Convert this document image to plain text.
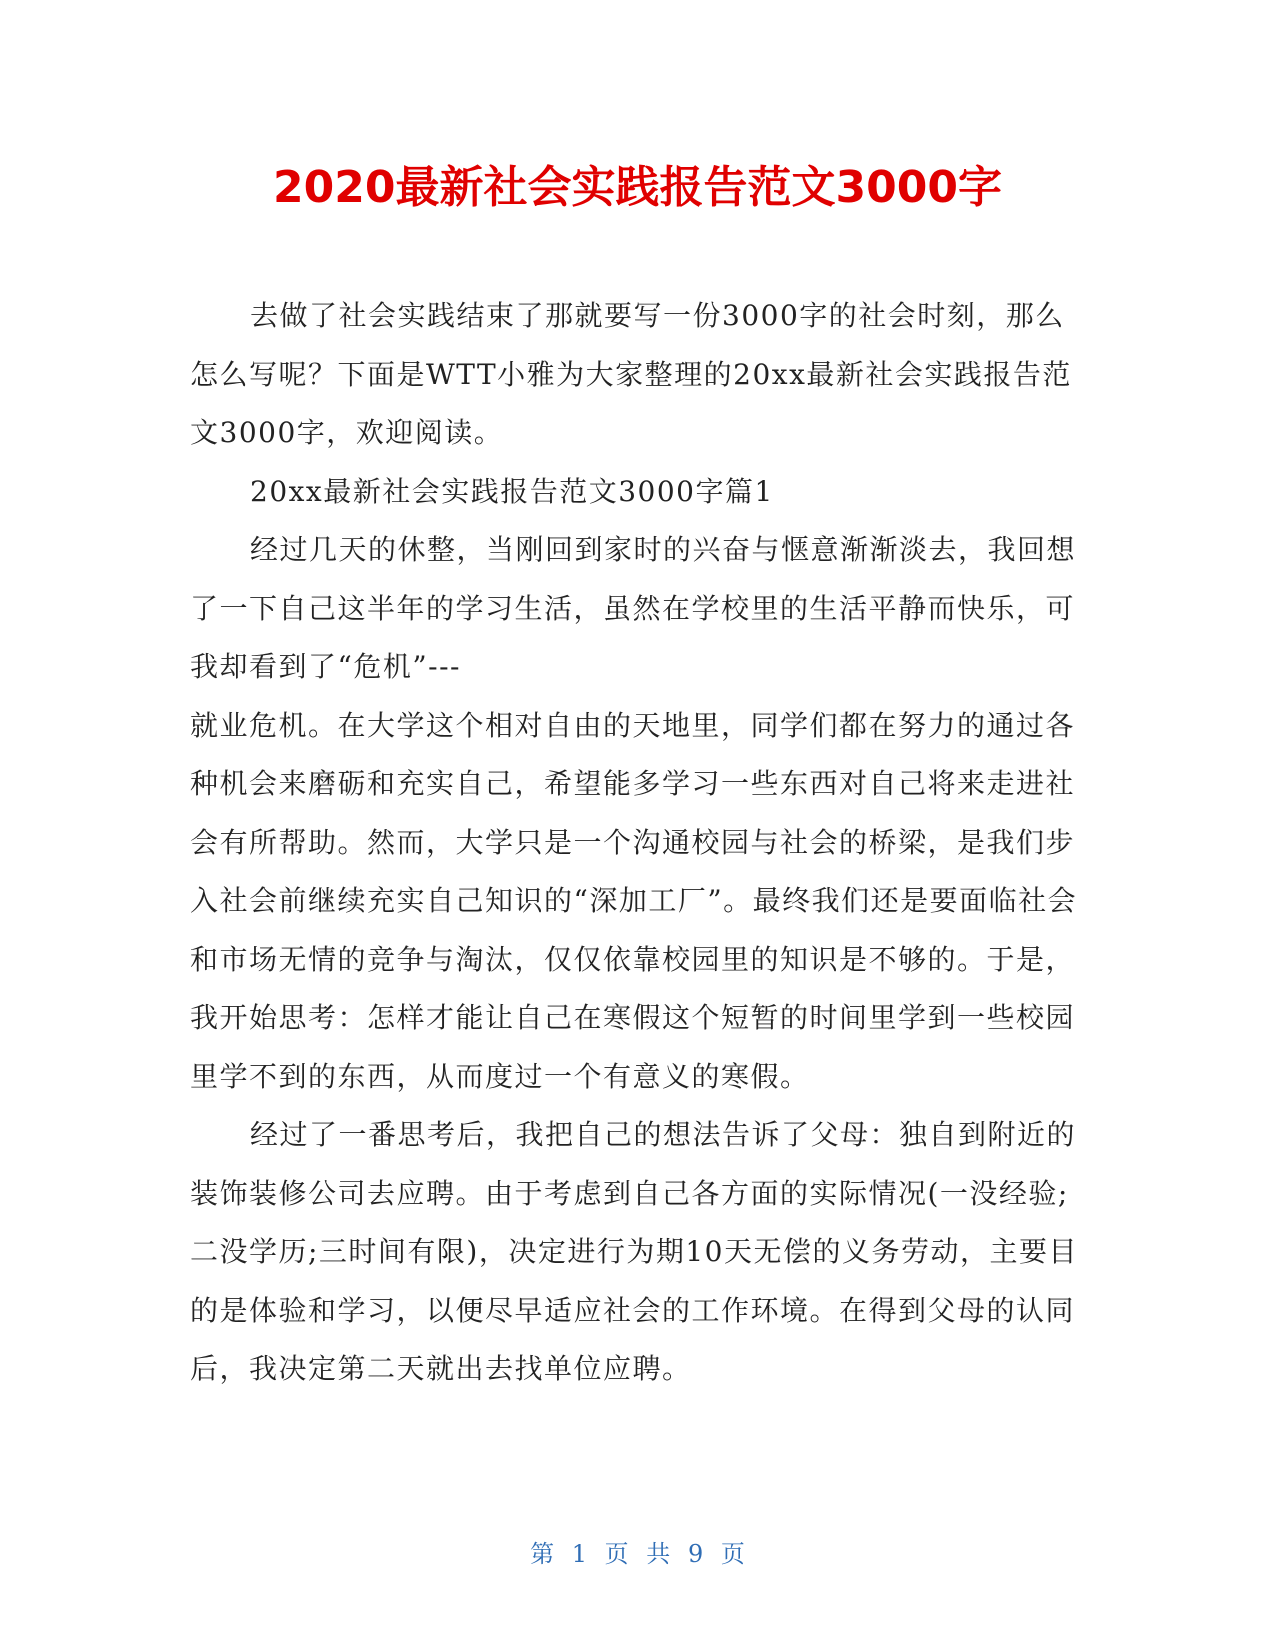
2020最新社会实践报告范文3000字

去做了社会实践结束了那就要写一份3000字的社会时刻，那么怎么写呢？下面是WTT小雅为大家整理的20xx最新社会实践报告范文3000字，欢迎阅读。

20xx最新社会实践报告范文3000字篇1

经过几天的休整，当刚回到家时的兴奋与惬意渐渐淡去，我回想了一下自己这半年的学习生活，虽然在学校里的生活平静而快乐，可我却看到了“危机”---

就业危机。在大学这个相对自由的天地里，同学们都在努力的通过各种机会来磨砺和充实自己，希望能多学习一些东西对自己将来走进社会有所帮助。然而，大学只是一个沟通校园与社会的桥梁，是我们步入社会前继续充实自己知识的“深加工厂”。最终我们还是要面临社会和市场无情的竞争与淘汰，仅仅依靠校园里的知识是不够的。于是，我开始思考：怎样才能让自己在寒假这个短暂的时间里学到一些校园里学不到的东西，从而度过一个有意义的寒假。

经过了一番思考后，我把自己的想法告诉了父母：独自到附近的装饰装修公司去应聘。由于考虑到自己各方面的实际情况(一没经验;二没学历;三时间有限)，决定进行为期10天无偿的义务劳动，主要目的是体验和学习，以便尽早适应社会的工作环境。在得到父母的认同后，我决定第二天就出去找单位应聘。

第 1 页 共 9 页
